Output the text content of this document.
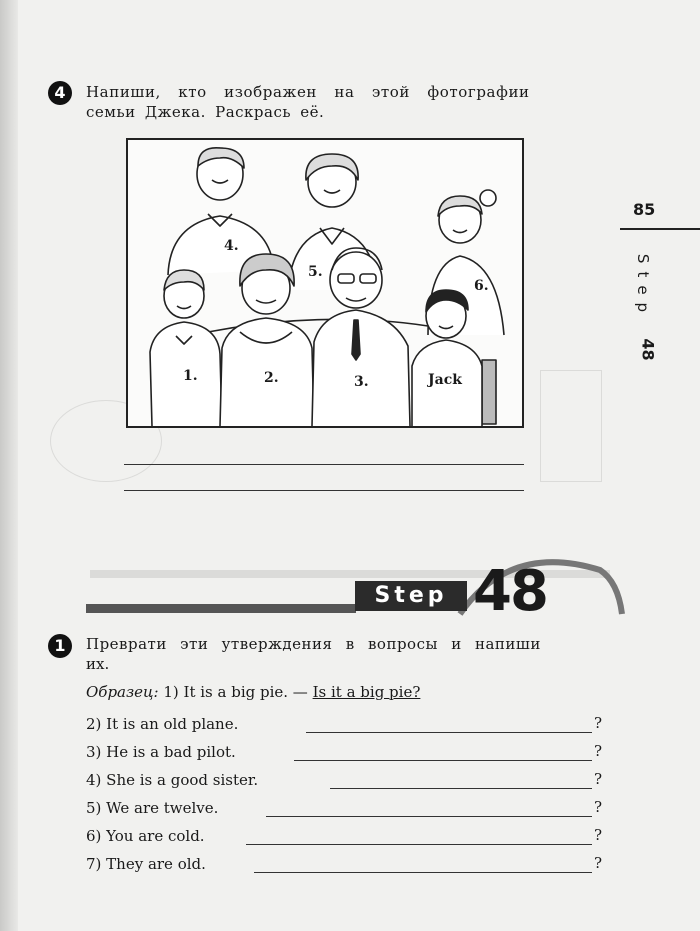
85
Step
48
4	Напиши, кто изображен на этой фотографии
семьи Джека. Раскрась её.
1.	2.	3.
4.
5.
6.
Jack
Step 48
1	Преврати эти утверждения в вопросы и напиши
их.
Образец: 1) It is a big pie. — Is it a big pie?
2) It is an old plane.	?
3) He is a bad pilot.	?
4) She is a good sister.	?
5) We are twelve.	?
6) You are cold.	?
7) They are old.	?
